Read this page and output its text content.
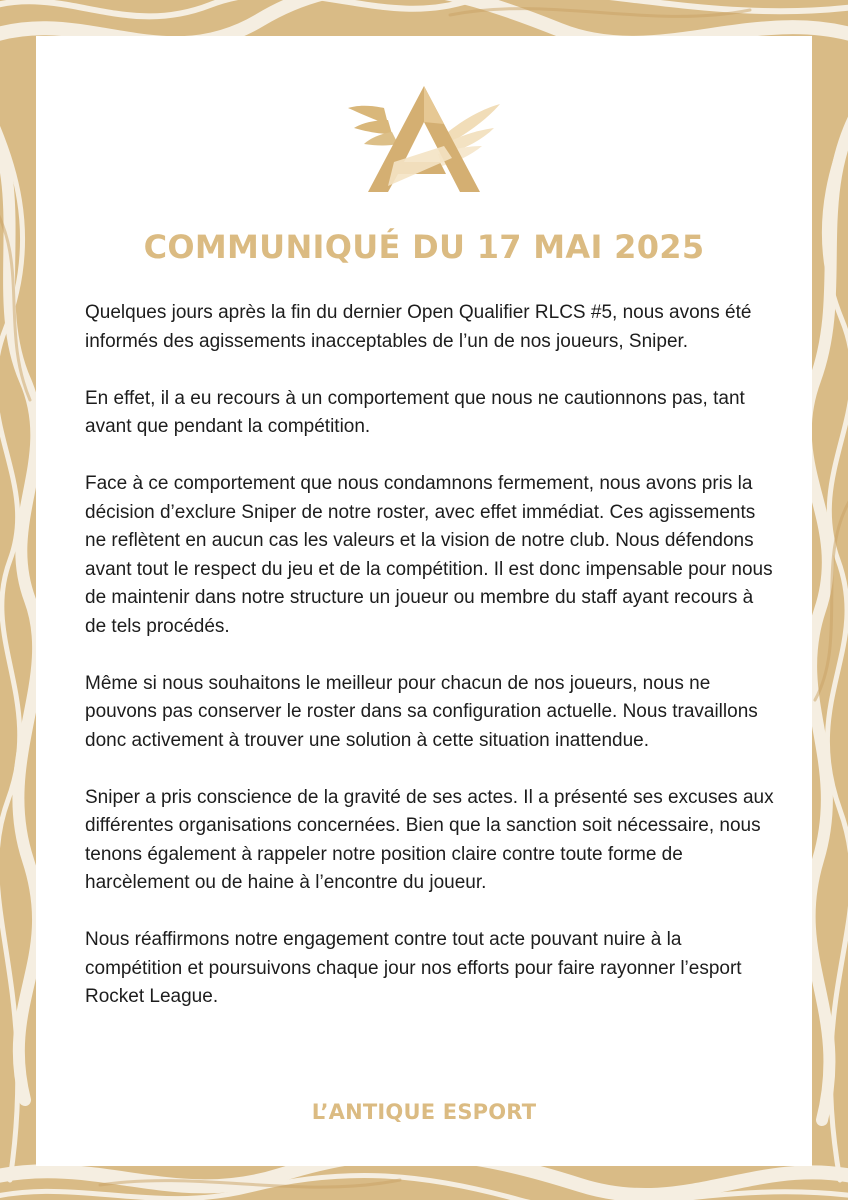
COMMUNIQUÉ DU 17 MAI 2025

Quelques jours après la fin du dernier Open Qualifier RLCS #5, nous avons été informés des agissements inacceptables de l’un de nos joueurs, Sniper.

En effet, il a eu recours à un comportement que nous ne cautionnons pas, tant avant que pendant la compétition.

Face à ce comportement que nous condamnons fermement, nous avons pris la décision d’exclure Sniper de notre roster, avec effet immédiat. Ces agissements ne reflètent en aucun cas les valeurs et la vision de notre club. Nous défendons avant tout le respect du jeu et de la compétition. Il est donc impensable pour nous de maintenir dans notre structure un joueur ou membre du staff ayant recours à de tels procédés.

Même si nous souhaitons le meilleur pour chacun de nos joueurs, nous ne pouvons pas conserver le roster dans sa configuration actuelle. Nous travaillons donc activement à trouver une solution à cette situation inattendue.

Sniper a pris conscience de la gravité de ses actes. Il a présenté ses excuses aux différentes organisations concernées. Bien que la sanction soit nécessaire, nous tenons également à rappeler notre position claire contre toute forme de harcèlement ou de haine à l’encontre du joueur.

Nous réaffirmons notre engagement contre tout acte pouvant nuire à la compétition et poursuivons chaque jour nos efforts pour faire rayonner l’esport Rocket League.

L’ANTIQUE ESPORT
